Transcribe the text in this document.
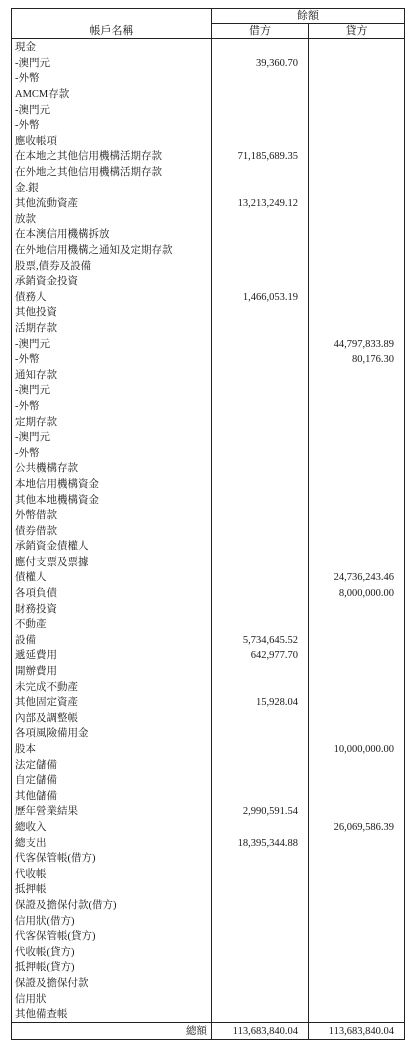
帳戶名稱	餘額	
	借方	貸方
現金		
-澳門元	39,360.70	
-外幣		
AMCM存款		
-澳門元		
-外幣		
應收帳項		
在本地之其他信用機構活期存款	71,185,689.35	
在外地之其他信用機構活期存款		
金.銀		
其他流動資產	13,213,249.12	
放款		
在本澳信用機構拆放		
在外地信用機構之通知及定期存款		
股票,債券及設備		
承銷資金投資		
債務人	1,466,053.19	
其他投資		
活期存款		
-澳門元		44,797,833.89
-外幣		80,176.30
通知存款		
-澳門元		
-外幣		
定期存款		
-澳門元		
-外幣		
公共機構存款		
本地信用機構資金		
其他本地機構資金		
外幣借款		
債券借款		
承銷資金債權人		
應付支票及票據		
債權人		24,736,243.46
各項負債		8,000,000.00
財務投資		
不動產		
設備	5,734,645.52	
遞延費用	642,977.70	
開辦費用		
未完成不動產		
其他固定資產	15,928.04	
內部及調整帳		
各項風險備用金		
股本		10,000,000.00
法定儲備		
自定儲備		
其他儲備		
歷年營業結果	2,990,591.54	
總收入		26,069,586.39
總支出	18,395,344.88	
代客保管帳(借方)		
代收帳		
抵押帳		
保證及擔保付款(借方)		
信用狀(借方)		
代客保管帳(貸方)		
代收帳(貸方)		
抵押帳(貸方)		
保證及擔保付款		
信用狀		
其他備查帳		
總額	113,683,840.04	113,683,840.04
